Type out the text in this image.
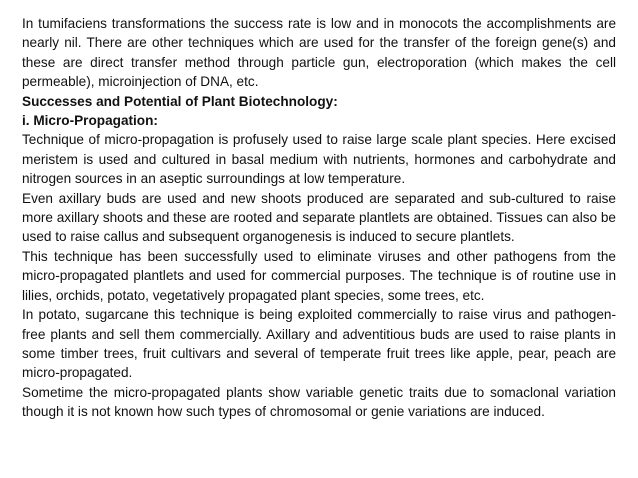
In tumifaciens transformations the success rate is low and in monocots the accomplishments are nearly nil. There are other techniques which are used for the transfer of the foreign gene(s) and these are direct transfer method through particle gun, electroporation (which makes the cell permeable), microinjection of DNA, etc.

Successes and Potential of Plant Biotechnology:

i. Micro-Propagation:

Technique of micro-propagation is profusely used to raise large scale plant species. Here excised meristem is used and cultured in basal medium with nutrients, hormones and carbohydrate and nitrogen sources in an aseptic surroundings at low temperature.

Even axillary buds are used and new shoots produced are separated and sub-cultured to raise more axillary shoots and these are rooted and separate plantlets are obtained. Tissues can also be used to raise callus and subsequent organogenesis is induced to secure plantlets.

This technique has been successfully used to eliminate viruses and other pathogens from the micro-propagated plantlets and used for commercial purposes. The technique is of routine use in lilies, orchids, potato, vegetatively propagated plant species, some trees, etc.

In potato, sugarcane this technique is being exploited commercially to raise virus and pathogen-free plants and sell them commercially. Axillary and adventitious buds are used to raise plants in some timber trees, fruit cultivars and several of temperate fruit trees like apple, pear, peach are micro-propagated.

Sometime the micro-propagated plants show variable genetic traits due to somaclonal variation though it is not known how such types of chromosomal or genie variations are induced.
